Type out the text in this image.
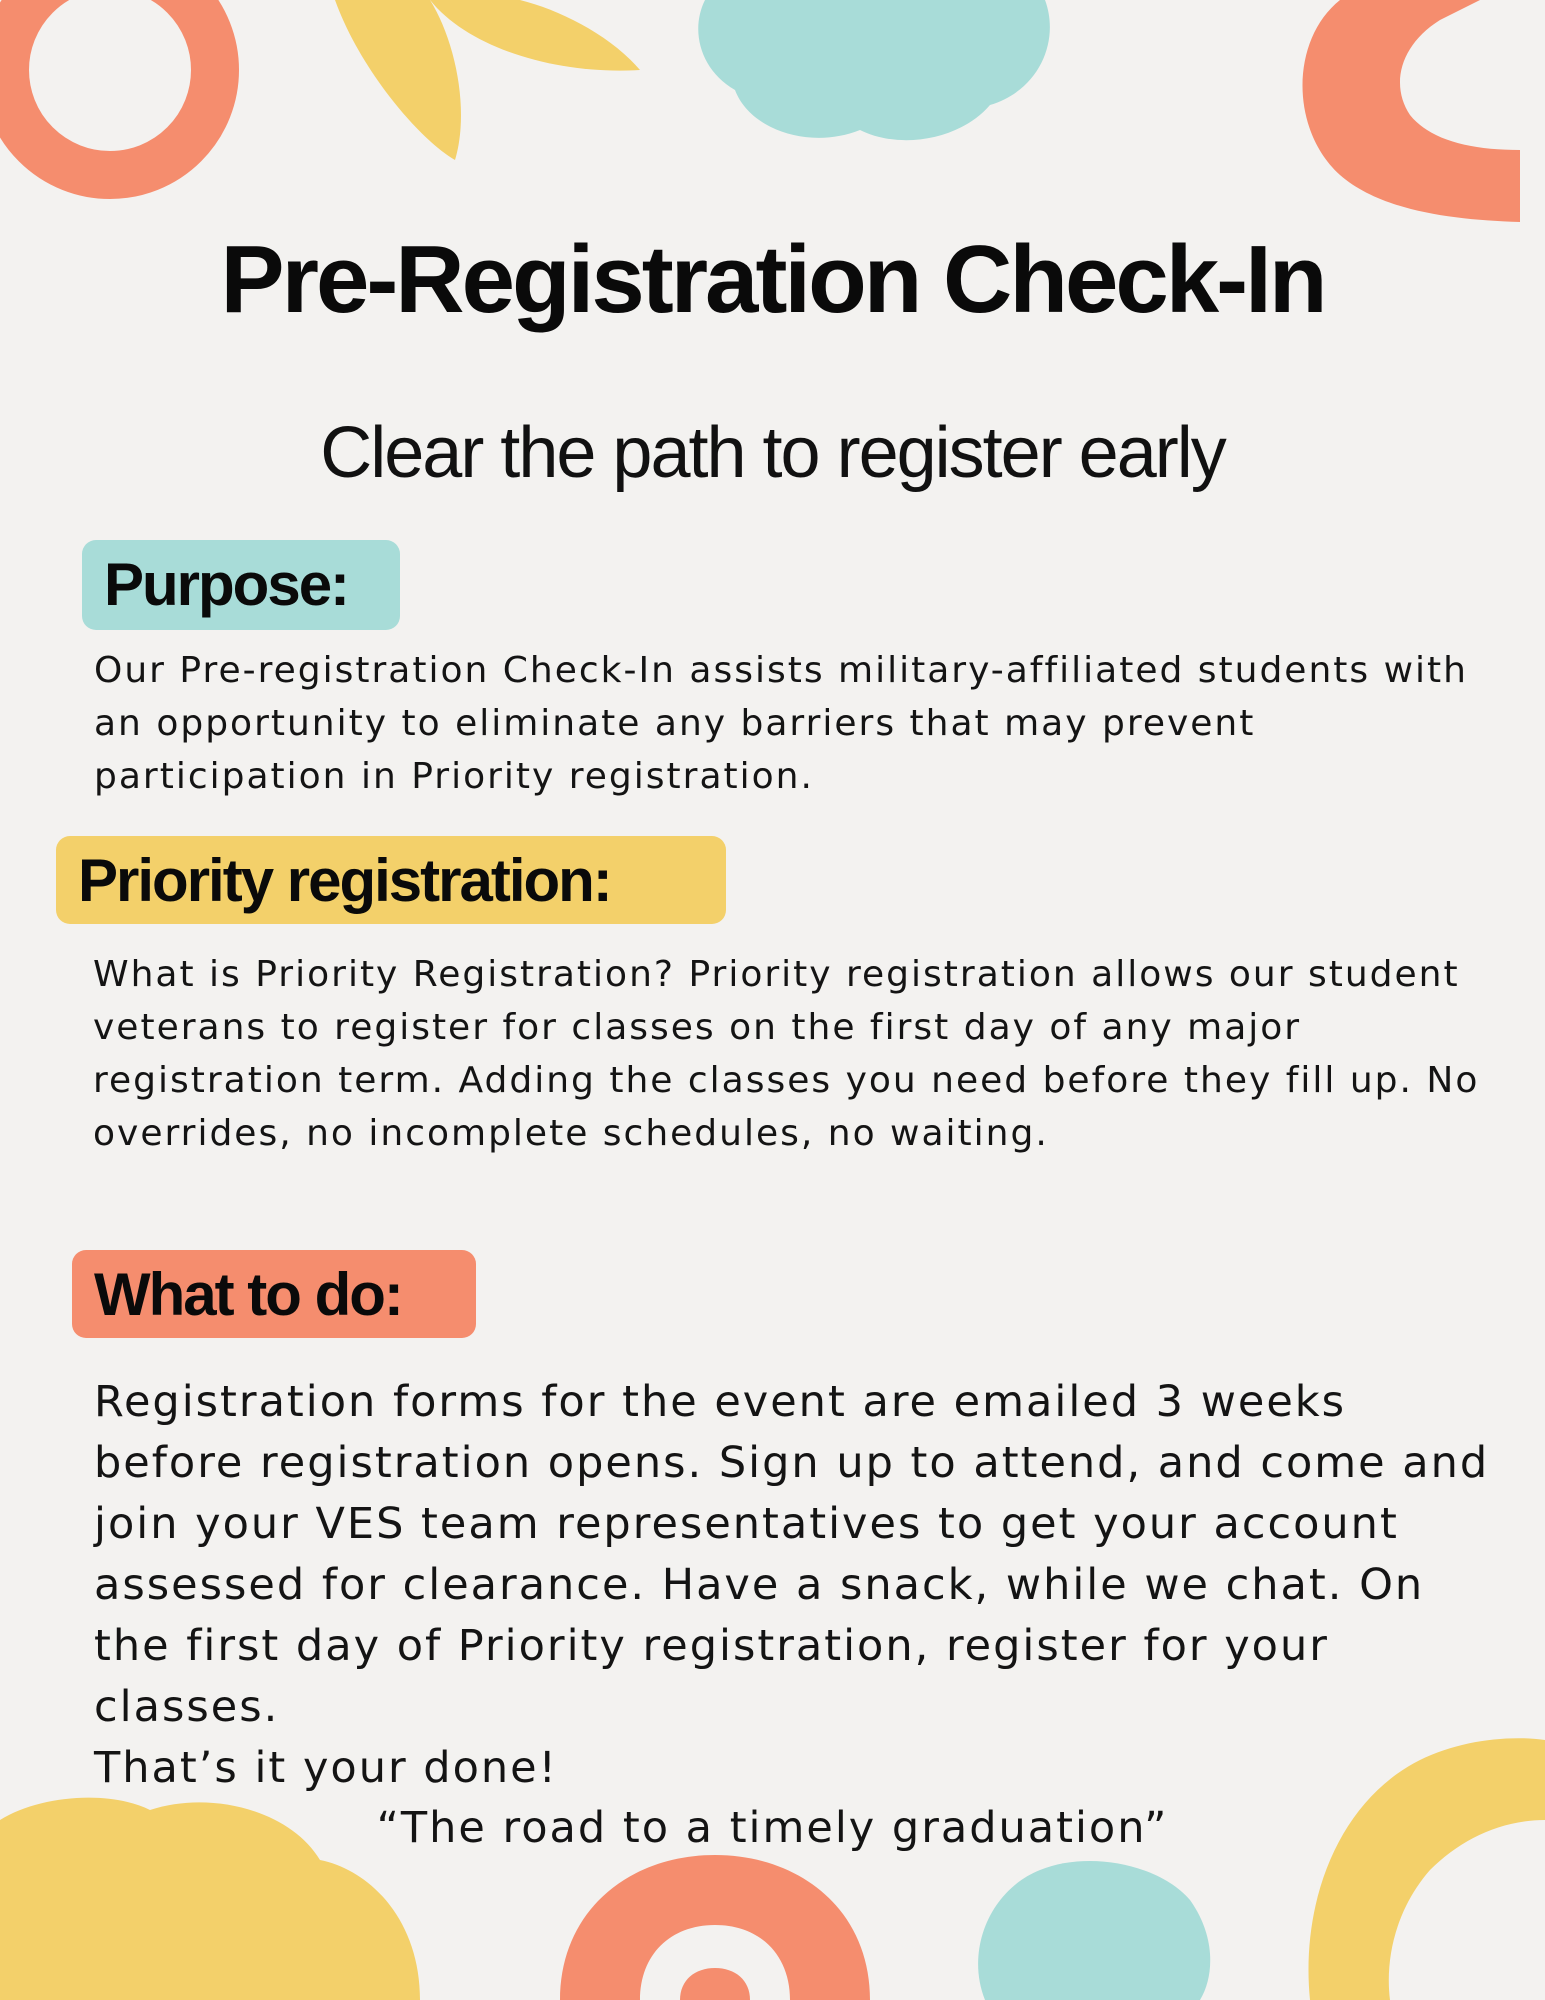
Pre-Registration Check-In
Clear the path to register early
Purpose:
Our Pre-registration Check-In assists military-affiliated students with an opportunity to eliminate any barriers that may prevent participation in Priority registration.
Priority registration:
What is Priority Registration? Priority registration allows our student veterans to register for classes on the first day of any major registration term. Adding the classes you need before they fill up. No overrides, no incomplete schedules, no waiting.
What to do:
Registration forms for the event are emailed 3 weeks before registration opens. Sign up to attend, and come and join your VES team representatives to get your account assessed for clearance. Have a snack, while we chat. On the first day of Priority registration, register for your classes.
That’s it your done!
“The road to a timely graduation”
